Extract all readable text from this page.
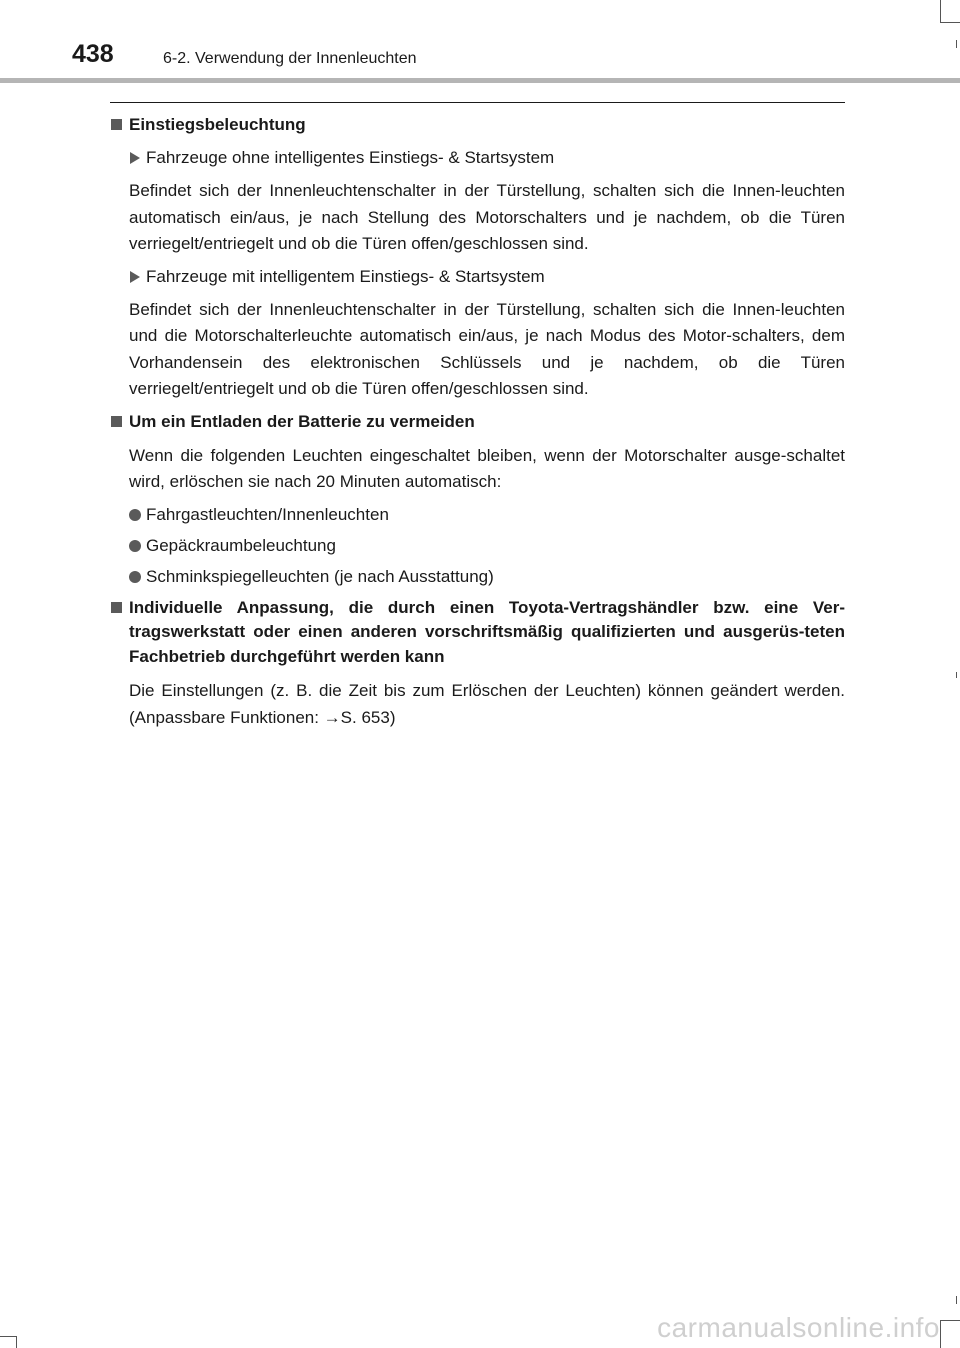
438	6-2. Verwendung der Innenleuchten
Einstiegsbeleuchtung
Fahrzeuge ohne intelligentes Einstiegs- & Startsystem

Befindet sich der Innenleuchtenschalter in der Türstellung, schalten sich die Innen-leuchten automatisch ein/aus, je nach Stellung des Motorschalters und je nachdem, ob die Türen verriegelt/entriegelt und ob die Türen offen/geschlossen sind.

Fahrzeuge mit intelligentem Einstiegs- & Startsystem

Befindet sich der Innenleuchtenschalter in der Türstellung, schalten sich die Innen-leuchten und die Motorschalterleuchte automatisch ein/aus, je nach Modus des Motor-schalters, dem Vorhandensein des elektronischen Schlüssels und je nachdem, ob die Türen verriegelt/entriegelt und ob die Türen offen/geschlossen sind.

Um ein Entladen der Batterie zu vermeiden

Wenn die folgenden Leuchten eingeschaltet bleiben, wenn der Motorschalter ausge-schaltet wird, erlöschen sie nach 20 Minuten automatisch:

Fahrgastleuchten/Innenleuchten
Gepäckraumbeleuchtung
Schminkspiegelleuchten (je nach Ausstattung)
Individuelle Anpassung, die durch einen Toyota-Vertragshändler bzw. eine Ver-tragswerkstatt oder einen anderen vorschriftsmäßig qualifizierten und ausgerüs-teten Fachbetrieb durchgeführt werden kann

Die Einstellungen (z. B. die Zeit bis zum Erlöschen der Leuchten) können geändert werden. (Anpassbare Funktionen: →S. 653)

carmanualsonline.info
